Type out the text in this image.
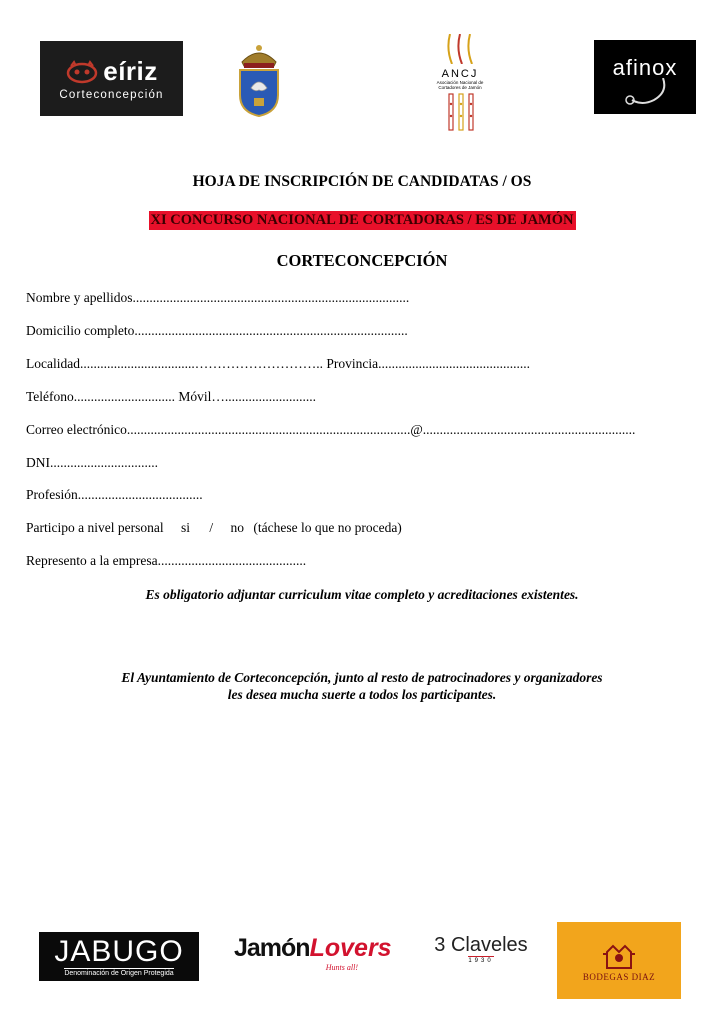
eíriz
Corteconcepción
ANCJ
Asociación Nacional de Cortadores de Jamón
afinox
HOJA DE INSCRIPCIÓN DE CANDIDATAS / OS
XI CONCURSO NACIONAL DE CORTADORAS / ES DE JAMÓN
CORTECONCEPCIÓN
Nombre y apellidos..................................................................................
Domicilio completo.................................................................................
Localidad..................................……………………….. Provincia.............................................
Teléfono.............................. Móvil…...........................
Correo electrónico....................................................................................@...............................................................
DNI................................
Profesión.....................................
Participo a nivel personal si / no (táchese lo que no proceda)
Represento a la empresa............................................
Es obligatorio adjuntar curriculum vitae completo y acreditaciones existentes.
El Ayuntamiento de Corteconcepción, junto al resto de patrocinadores y organizadores
les desea mucha suerte a todos los participantes.
JABUGO
Denominación de Origen Protegida
JamónLovers
Hunts all!
3 Claveles
1930
BODEGAS DIAZ
